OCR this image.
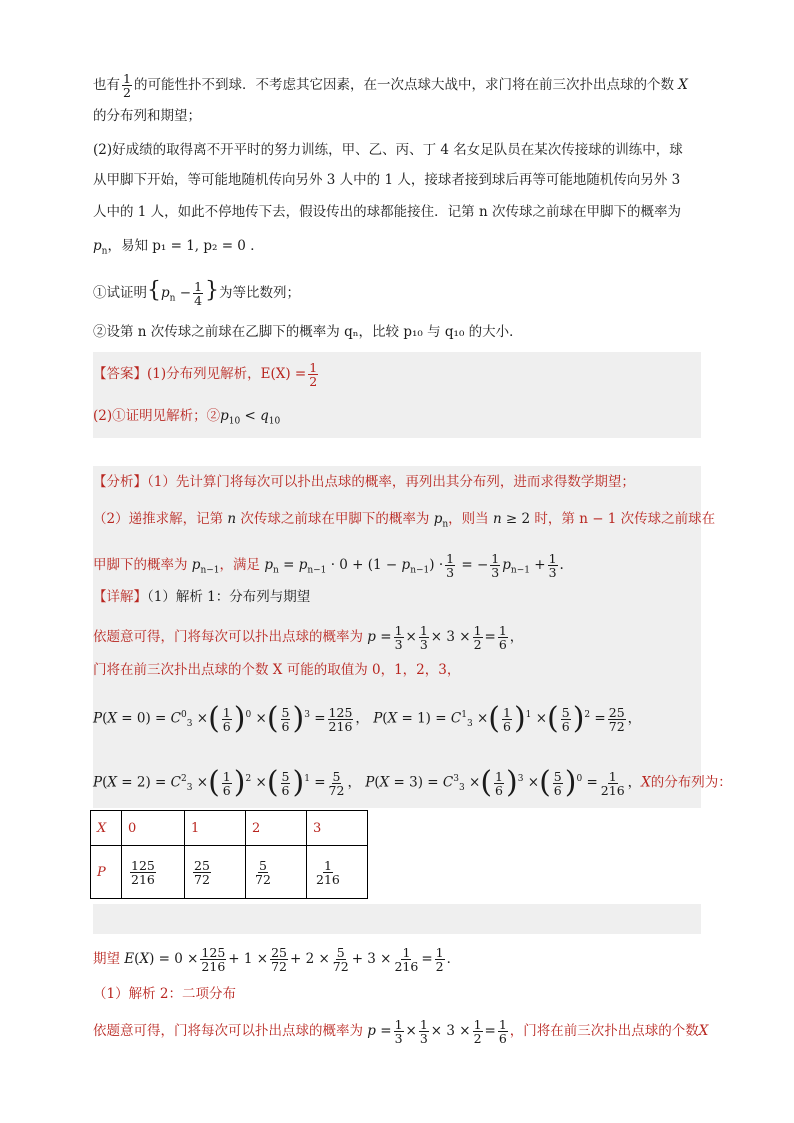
也有 $\frac{1}{2}$ 的可能性扑不到球．不考虑其它因素，在一次点球大战中，求门将在前三次扑出点球的个数 X
的分布列和期望；
(2)好成绩的取得离不开平时的努力训练，甲、乙、丙、丁 4 名女足队员在某次传接球的训练中，球
从甲脚下开始，等可能地随机传向另外 3 人中的 1 人，接球者接到球后再等可能地随机传向另外 3
人中的 1 人，如此不停地传下去，假设传出的球都能接住．记第 n 次传球之前球在甲脚下的概率为
$p_n$，易知 p₁ = 1, p₂ = 0 ．
①试证明{$p_n - \frac{1}{4}$ }为等比数列；
②设第 n 次传球之前球在乙脚下的概率为 qₙ，比较 p₁₀ 与 q₁₀ 的大小．
【答案】(1)分布列见解析，$E(X) = \frac{1}{2}$
(2)①证明见解析；$②p_{10} < q_{10}$
【分析】（1）先计算门将每次可以扑出点球的概率，再列出其分布列，进而求得数学期望；
（2）递推求解，记第 n 次传球之前球在甲脚下的概率为 $p_n$，则当 n ≥ 2 时，第 n − 1 次传球之前球在
甲脚下的概率为 $p_{n-1}$，满足 $p_n = p_{n-1} \cdot 0 + (1 - p_{n-1}) \cdot \frac{1}{3}$ = − $\frac{1}{3} p_{n-1} + \frac{1}{3}$ .
【详解】（1）解析 1：分布列与期望
依题意可得，门将每次可以扑出点球的概率为 $p = \frac{1}{3} \times \frac{1}{3} \times 3 \times \frac{1}{2} = \frac{1}{6}$ ，
门将在前三次扑出点球的个数 X 可能的取值为 0，1，2，3，
$P(X = 0) = C^0_3$ × ( $\frac{1}{6}$ ) $^0$ × ( $\frac{5}{6}$ ) $^3 = \frac{125}{216}$ ， $P(X = 1) = C^1_3$ × ( $\frac{1}{6}$ ) $^1$ × ( $\frac{5}{6}$ ) $^2 = \frac{25}{72}$ ，
$P(X = 2) = C^2_3$ × ( $\frac{1}{6}$ ) $^2$ × ( $\frac{5}{6}$ ) $^1 = \frac{5}{72}$ ， $P(X = 3) = C^3_3$ × ( $\frac{1}{6}$ ) $^3$ × ( $\frac{5}{6}$ ) $^0 = \frac{1}{216}$ ，X的分布列为：
X	0	1	2	3
P	$\frac{125}{216}$	$\frac{25}{72}$	$\frac{5}{72}$	$\frac{1}{216}$
期望 $E(X) = 0 \times \frac{125}{216} + 1 \times \frac{25}{72} + 2 \times \frac{5}{72} + 3 \times \frac{1}{216} = \frac{1}{2}$ ．
（1）解析 2：二项分布
依题意可得，门将每次可以扑出点球的概率为 $p = \frac{1}{3} \times \frac{1}{3} \times 3 \times \frac{1}{2} = \frac{1}{6}$ ，门将在前三次扑出点球的个数X
